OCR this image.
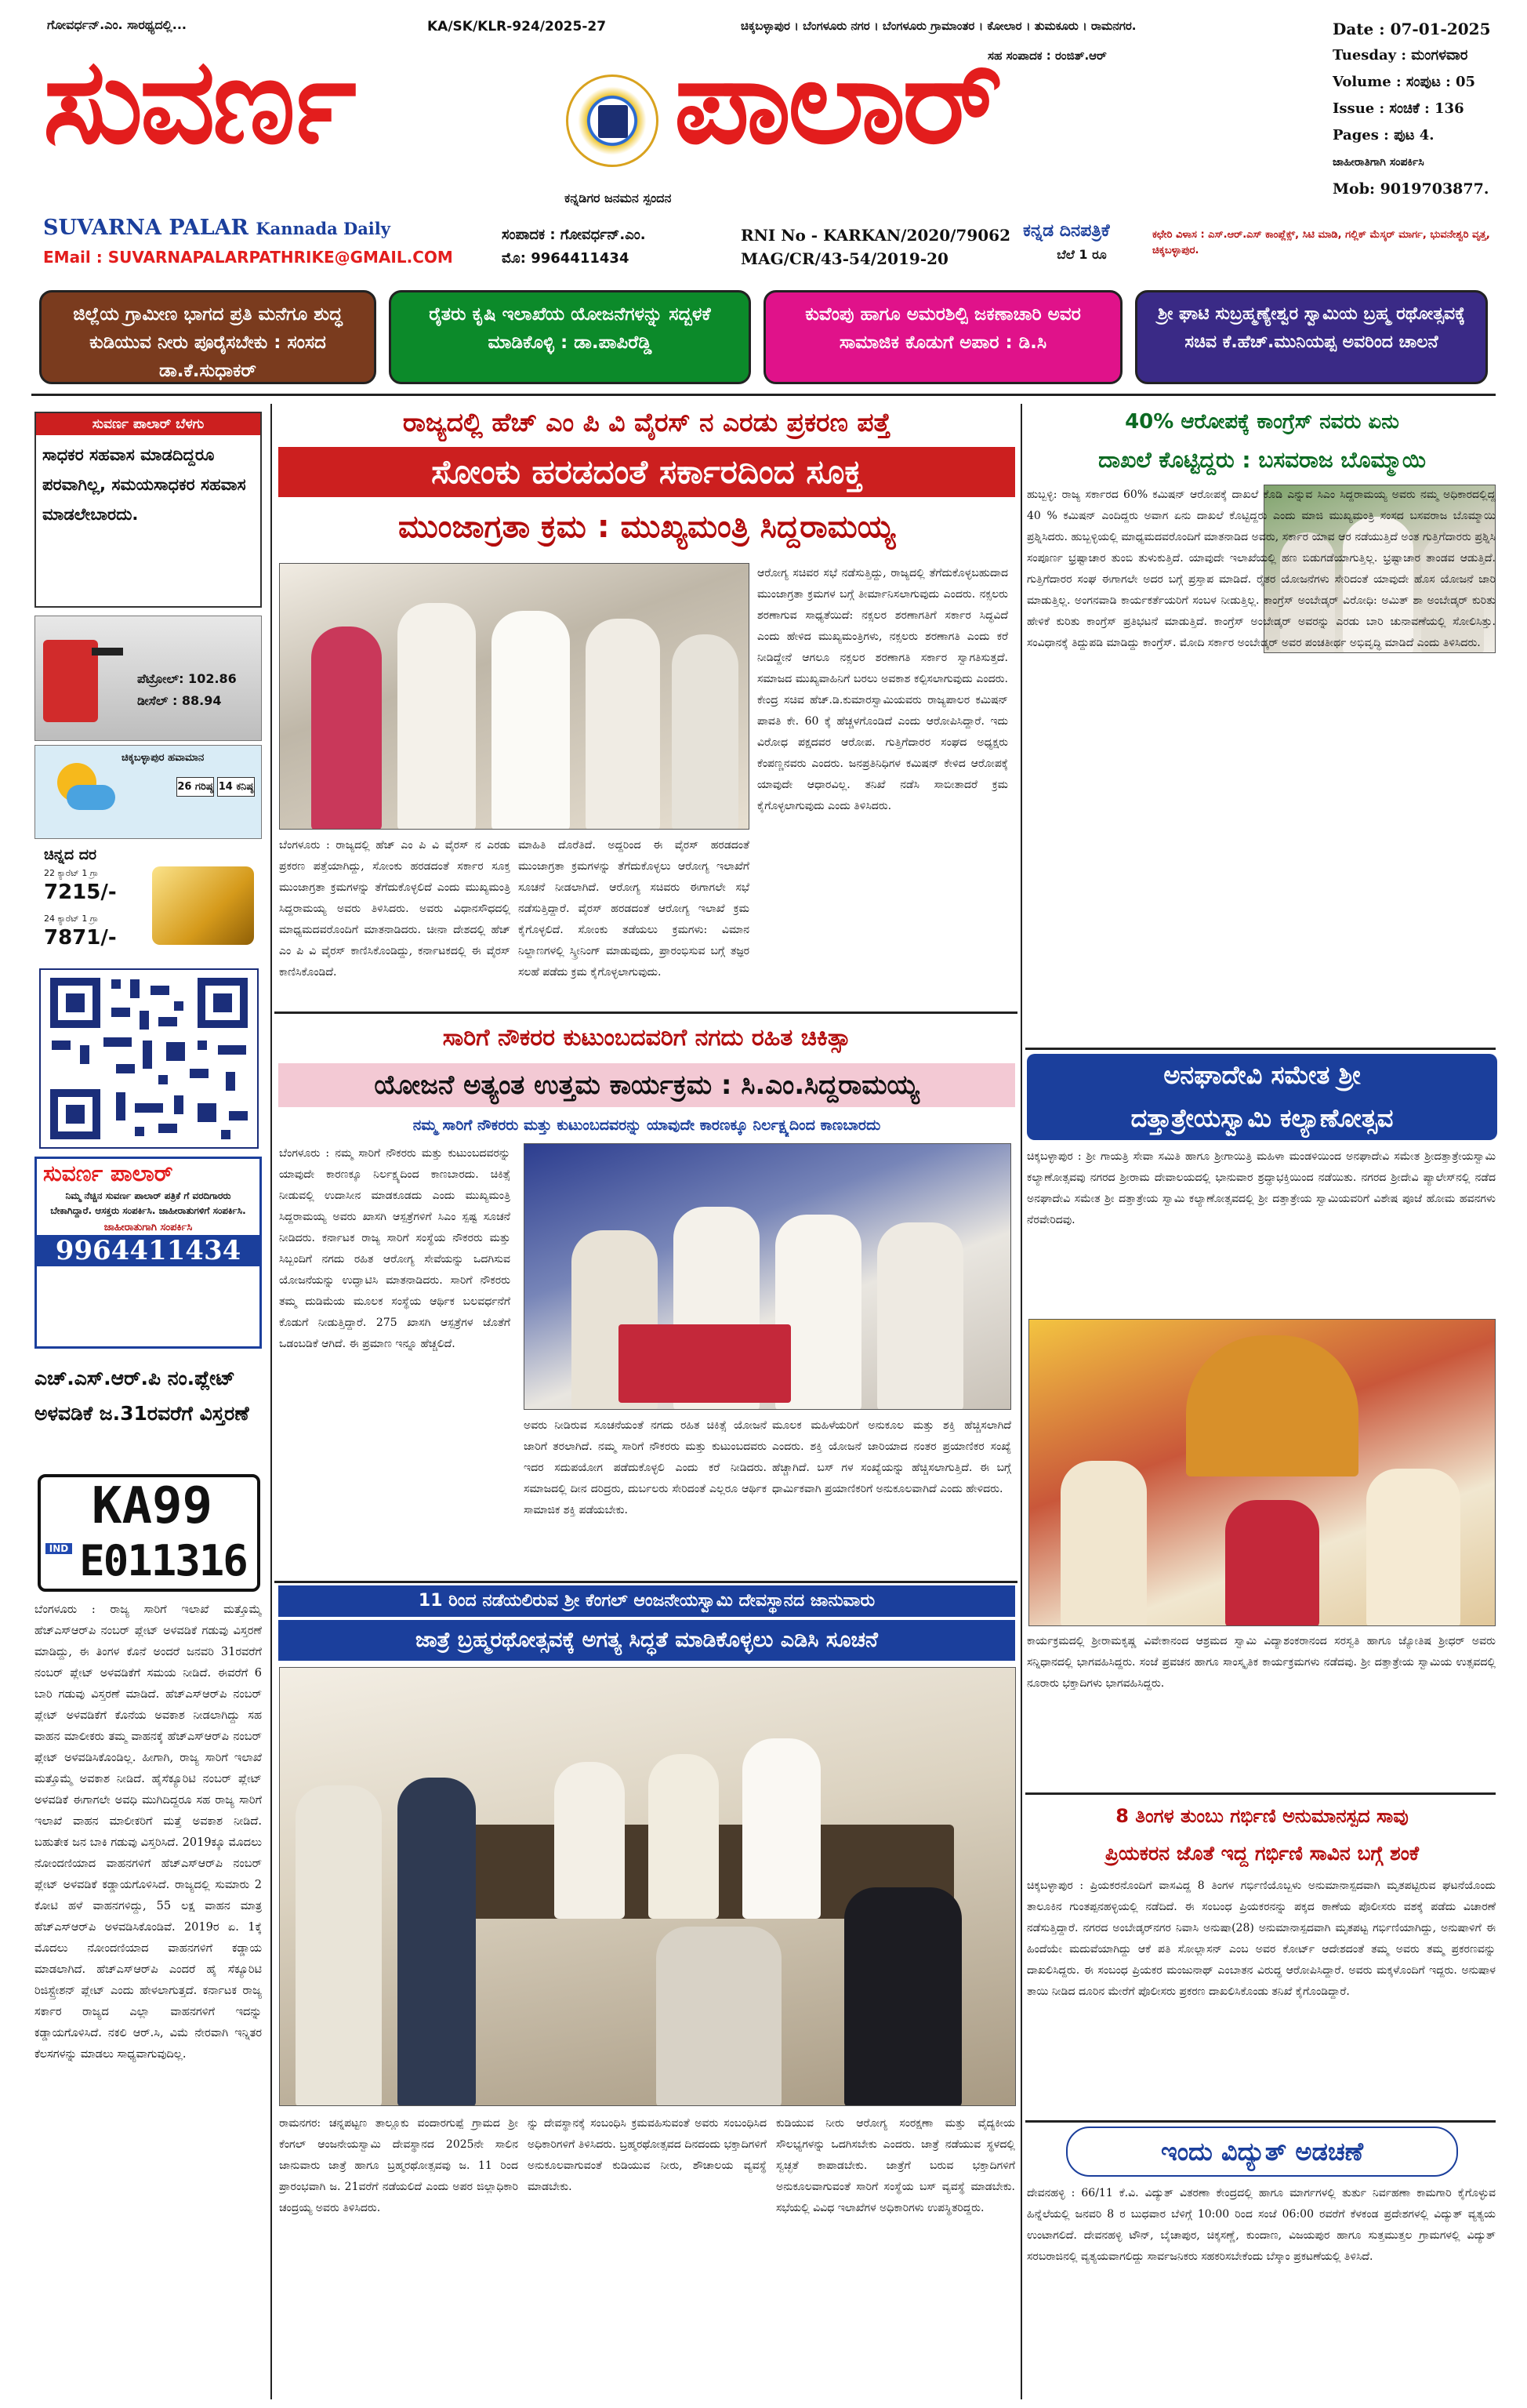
ಗೋವರ್ಧನ್.ಎಂ. ಸಾರಥ್ಯದಲ್ಲಿ...	KA/SK/KLR-924/2025-27	ಚಿಕ್ಕಬಳ್ಳಾಪುರ । ಬೆಂಗಳೂರು ನಗರ । ಬೆಂಗಳೂರು ಗ್ರಾಮಾಂತರ । ಕೋಲಾರ । ತುಮಕೂರು । ರಾಮನಗರ.
ಸಹ ಸಂಪಾದಕ : ರಂಜಿತ್.ಆರ್
ಸುವರ್ಣ	ಪಾಲಾರ್
ಕನ್ನಡಿಗರ ಜನಮನ ಸ್ಪಂದನ
Date : 07-01-2025
Tuesday : ಮಂಗಳವಾರ
Volume : ಸಂಪುಟ : 05
Issue : ಸಂಚಿಕೆ : 136
Pages : ಪುಟ 4.
ಜಾಹೀರಾತಿಗಾಗಿ ಸಂಪರ್ಕಿಸಿ
Mob: 9019703877.
SUVARNA PALAR Kannada Daily
EMail : SUVARNAPALARPATHRIKE@GMAIL.COM
ಸಂಪಾದಕ : ಗೋವರ್ಧನ್.ಎಂ.
ಮೊ: 9964411434
RNI No - KARKAN/2020/79062
MAG/CR/43-54/2019-20
ಕನ್ನಡ ದಿನಪತ್ರಿಕೆ
ಬೆಲೆ 1 ರೂ
ಕಛೇರಿ ವಿಳಾಸ : ಎಸ್.ಆರ್.ಎಸ್ ಕಾಂಪ್ಲೆಕ್ಸ್, ಸಿಟಿ ಮಾಡಿ, ಗಲ್ಲಿಕ್ ಮೆಸ್ಕರ್ ಮಾರ್ಗ, ಭುವನೇಶ್ವರಿ ವೃತ್ತ, ಚಿಕ್ಕಬಳ್ಳಾಪುರ.
ಜಿಲ್ಲೆಯ ಗ್ರಾಮೀಣ ಭಾಗದ ಪ್ರತಿ ಮನೆಗೂ ಶುದ್ಧ ಕುಡಿಯುವ ನೀರು ಪೂರೈಸಬೇಕು : ಸಂಸದ ಡಾ.ಕೆ.ಸುಧಾಕರ್
ರೈತರು ಕೃಷಿ ಇಲಾಖೆಯ ಯೋಜನೆಗಳನ್ನು ಸದ್ಬಳಕೆ ಮಾಡಿಕೊಳ್ಳಿ : ಡಾ.ಪಾಪಿರೆಡ್ಡಿ
ಕುವೆಂಪು ಹಾಗೂ ಅಮರಶಿಲ್ಪಿ ಜಕಣಾಚಾರಿ ಅವರ ಸಾಮಾಜಿಕ ಕೊಡುಗೆ ಅಪಾರ : ಡಿ.ಸಿ
ಶ್ರೀ ಘಾಟಿ ಸುಬ್ರಹ್ಮಣ್ಯೇಶ್ವರ ಸ್ವಾಮಿಯ ಬ್ರಹ್ಮ ರಥೋತ್ಸವಕ್ಕೆ ಸಚಿವ ಕೆ.ಹೆಚ್.ಮುನಿಯಪ್ಪ ಅವರಿಂದ ಚಾಲನೆ
ಸುವರ್ಣ ಪಾಲಾರ್ ಬೆಳಗು
ಸಾಧಕರ ಸಹವಾಸ ಮಾಡದಿದ್ದರೂ ಪರವಾಗಿಲ್ಲ, ಸಮಯಸಾಧಕರ ಸಹವಾಸ ಮಾಡಲೇಬಾರದು.
ಪೆಟ್ರೋಲ್: 102.86
ಡೀಸೆಲ್ : 88.94
ಚಿಕ್ಕಬಳ್ಳಾಪುರ ಹವಾಮಾನ
26 ಗರಿಷ್ಠ 14 ಕನಿಷ್ಠ
ಚಿನ್ನದ ದರ
22 ಕ್ಯಾರೆಟ್ 1 ಗ್ರಾ
7215/-
24 ಕ್ಯಾರೆಟ್ 1 ಗ್ರಾ
7871/-
ಸುವರ್ಣ ಪಾಲಾರ್
ನಿಮ್ಮ ನೆಚ್ಚಿನ ಸುವರ್ಣ ಪಾಲಾರ್ ಪತ್ರಿಕೆ ಗೆ ವರದಿಗಾರರು ಬೇಕಾಗಿದ್ದಾರೆ. ಆಸಕ್ತರು ಸಂಪರ್ಕಿಸಿ. ಜಾಹೀರಾತುಗಳಿಗೆ ಸಂಪರ್ಕಿಸಿ.
ಜಾಹೀರಾತುಗಾಗಿ ಸಂಪರ್ಕಿಸಿ
9964411434
ಎಚ್.ಎಸ್.ಆರ್.ಪಿ ನಂ.ಪ್ಲೇಟ್ ಅಳವಡಿಕೆ ಜ.31ರವರೆಗೆ ವಿಸ್ತರಣೆ
KA99
IND E011316
ಬೆಂಗಳೂರು : ರಾಜ್ಯ ಸಾರಿಗೆ ಇಲಾಖೆ ಮತ್ತೊಮ್ಮೆ ಹೆಚ್‌ಎಸ್‌ಆರ್‌ಪಿ ನಂಬರ್ ಪ್ಲೇಟ್ ಅಳವಡಿಕೆ ಗಡುವು ವಿಸ್ತರಣೆ ಮಾಡಿದ್ದು, ಈ ತಿಂಗಳ ಕೊನೆ ಅಂದರೆ ಜನವರಿ 31ರವರೆಗೆ ನಂಬರ್ ಪ್ಲೇಟ್ ಅಳವಡಿಕೆಗೆ ಸಮಯ ನೀಡಿದೆ. ಈವರೆಗೆ 6 ಬಾರಿ ಗಡುವು ವಿಸ್ತರಣೆ ಮಾಡಿದೆ. ಹೆಚ್‌ಎಸ್‌ಆರ್‌ಪಿ ನಂಬರ್ ಪ್ಲೇಟ್ ಅಳವಡಿಕೆಗೆ ಕೊನೆಯ ಅವಕಾಶ ನೀಡಲಾಗಿದ್ದು ಸಹ ವಾಹನ ಮಾಲೀಕರು ತಮ್ಮ ವಾಹನಕ್ಕೆ ಹೆಚ್‌ಎಸ್‌ಆರ್‌ಪಿ ನಂಬರ್ ಪ್ಲೇಟ್ ಅಳವಡಿಸಿಕೊಂಡಿಲ್ಲ. ಹೀಗಾಗಿ, ರಾಜ್ಯ ಸಾರಿಗೆ ಇಲಾಖೆ ಮತ್ತೊಮ್ಮೆ ಅವಕಾಶ ನೀಡಿದೆ. ಹೈಸೆಕ್ಯೂರಿಟಿ ನಂಬರ್ ಪ್ಲೇಟ್ ಅಳವಡಿಕೆ ಈಗಾಗಲೇ ಅವಧಿ ಮುಗಿದಿದ್ದರೂ ಸಹ ರಾಜ್ಯ ಸಾರಿಗೆ ಇಲಾಖೆ ವಾಹನ ಮಾಲೀಕರಿಗೆ ಮತ್ತೆ ಅವಕಾಶ ನೀಡಿದೆ. ಬಹುತೇಕ ಜನ ಬಾಕಿ ಗಡುವು ವಿಸ್ತರಿಸಿದೆ. 2019ಕ್ಕೂ ಮೊದಲು ನೋಂದಣಿಯಾದ ವಾಹನಗಳಿಗೆ ಹೆಚ್‌ಎಸ್‌ಆರ್‌ಪಿ ನಂಬರ್ ಪ್ಲೇಟ್ ಅಳವಡಿಕೆ ಕಡ್ಡಾಯಗೊಳಿಸಿದೆ. ರಾಜ್ಯದಲ್ಲಿ ಸುಮಾರು 2 ಕೋಟಿ ಹಳೆ ವಾಹನಗಳಿದ್ದು, 55 ಲಕ್ಷ ವಾಹನ ಮಾತ್ರ ಹೆಚ್‌ಎಸ್‌ಆರ್‌ಪಿ ಅಳವಡಿಸಿಕೊಂಡಿವೆ. 2019ರ ಏ. 1ಕ್ಕೆ ಮೊದಲು ನೋಂದಣಿಯಾದ ವಾಹನಗಳಿಗೆ ಕಡ್ಡಾಯ ಮಾಡಲಾಗಿದೆ. ಹೆಚ್‌ಎಸ್‌ಆರ್‌ಪಿ ಎಂದರೆ ಹೈ ಸೆಕ್ಯೂರಿಟಿ ರಿಜಿಸ್ಟ್ರೇಶನ್ ಪ್ಲೇಟ್ ಎಂದು ಹೇಳಲಾಗುತ್ತದೆ. ಕರ್ನಾಟಕ ರಾಜ್ಯ ಸರ್ಕಾರ ರಾಜ್ಯದ ಎಲ್ಲಾ ವಾಹನಗಳಿಗೆ ಇದನ್ನು ಕಡ್ಡಾಯಗೊಳಿಸಿದೆ. ನಕಲಿ ಆರ್.ಸಿ, ವಿಮೆ ನೇರವಾಗಿ ಇನ್ನಿತರ ಕೆಲಸಗಳನ್ನು ಮಾಡಲು ಸಾಧ್ಯವಾಗುವುದಿಲ್ಲ.
ರಾಜ್ಯದಲ್ಲಿ ಹೆಚ್ ಎಂ ಪಿ ವಿ ವೈರಸ್ ನ ಎರಡು ಪ್ರಕರಣ ಪತ್ತೆ
ಸೋಂಕು ಹರಡದಂತೆ ಸರ್ಕಾರದಿಂದ ಸೂಕ್ತ
ಮುಂಜಾಗ್ರತಾ ಕ್ರಮ : ಮುಖ್ಯಮಂತ್ರಿ ಸಿದ್ದರಾಮಯ್ಯ
ಆರೋಗ್ಯ ಸಚಿವರ ಸಭೆ ನಡೆಸುತ್ತಿದ್ದು, ರಾಜ್ಯದಲ್ಲಿ ತೆಗೆದುಕೊಳ್ಳಬಹುದಾದ ಮುಂಜಾಗ್ರತಾ ಕ್ರಮಗಳ ಬಗ್ಗೆ ತೀರ್ಮಾನಿಸಲಾಗುವುದು ಎಂದರು. ನಕ್ಸಲರು ಶರಣಾಗುವ ಸಾಧ್ಯತೆಯಿದೆ: ನಕ್ಸಲರ ಶರಣಾಗತಿಗೆ ಸರ್ಕಾರ ಸಿದ್ಧವಿದೆ ಎಂದು ಹೇಳಿದ ಮುಖ್ಯಮಂತ್ರಿಗಳು, ನಕ್ಸಲರು ಶರಣಾಗತಿ ಎಂದು ಕರೆ ನೀಡಿದ್ದೇನೆ ಆಗಲೂ ನಕ್ಸಲರ ಶರಣಾಗತಿ ಸರ್ಕಾರ ಸ್ವಾಗತಿಸುತ್ತದೆ. ಸಮಾಜದ ಮುಖ್ಯವಾಹಿನಿಗೆ ಬರಲು ಅವಕಾಶ ಕಲ್ಪಿಸಲಾಗುವುದು ಎಂದರು. ಕೇಂದ್ರ ಸಚಿವ ಹೆಚ್.ಡಿ.ಕುಮಾರಸ್ವಾಮಿಯವರು ರಾಜ್ಯಪಾಲರ ಕಮಿಷನ್ ಪಾವತಿ ಕೇ. 60 ಕ್ಕೆ ಹೆಚ್ಚಳಗೊಂಡಿದೆ ಎಂದು ಆರೋಪಿಸಿದ್ದಾರೆ. ಇದು ವಿರೋಧ ಪಕ್ಷದವರ ಆರೋಪ. ಗುತ್ತಿಗೆದಾರರ ಸಂಘದ ಅಧ್ಯಕ್ಷರು ಕೆಂಪಣ್ಣನವರು ಎಂದರು. ಜನಪ್ರತಿನಿಧಿಗಳ ಕಮಿಷನ್ ಕೇಳಿದ ಆರೋಪಕ್ಕೆ ಯಾವುದೇ ಆಧಾರವಿಲ್ಲ. ತನಿಖೆ ನಡೆಸಿ ಸಾಬೀತಾದರೆ ಕ್ರಮ ಕೈಗೊಳ್ಳಲಾಗುವುದು ಎಂದು ತಿಳಿಸಿದರು.
ಬೆಂಗಳೂರು : ರಾಜ್ಯದಲ್ಲಿ ಹೆಚ್ ಎಂ ಪಿ ವಿ ವೈರಸ್ ನ ಎರಡು ಪ್ರಕರಣ ಪತ್ತೆಯಾಗಿದ್ದು, ಸೋಂಕು ಹರಡದಂತೆ ಸರ್ಕಾರ ಸೂಕ್ತ ಮುಂಜಾಗ್ರತಾ ಕ್ರಮಗಳನ್ನು ತೆಗೆದುಕೊಳ್ಳಲಿದೆ ಎಂದು ಮುಖ್ಯಮಂತ್ರಿ ಸಿದ್ದರಾಮಯ್ಯ ಅವರು ತಿಳಿಸಿದರು. ಅವರು ವಿಧಾನಸೌಧದಲ್ಲಿ ಮಾಧ್ಯಮದವರೊಂದಿಗೆ ಮಾತನಾಡಿದರು. ಚೀನಾ ದೇಶದಲ್ಲಿ ಹೆಚ್ ಎಂ ಪಿ ವಿ ವೈರಸ್ ಕಾಣಿಸಿಕೊಂಡಿದ್ದು, ಕರ್ನಾಟಕದಲ್ಲಿ ಈ ವೈರಸ್ ಕಾಣಿಸಿಕೊಂಡಿದೆ.
ಮಾಹಿತಿ ದೊರೆತಿದೆ. ಅದ್ದರಿಂದ ಈ ವೈರಸ್ ಹರಡದಂತೆ ಮುಂಜಾಗ್ರತಾ ಕ್ರಮಗಳನ್ನು ತೆಗೆದುಕೊಳ್ಳಲು ಆರೋಗ್ಯ ಇಲಾಖೆಗೆ ಸೂಚನೆ ನೀಡಲಾಗಿದೆ. ಆರೋಗ್ಯ ಸಚಿವರು ಈಗಾಗಲೇ ಸಭೆ ನಡೆಸುತ್ತಿದ್ದಾರೆ. ವೈರಸ್ ಹರಡದಂತೆ ಆರೋಗ್ಯ ಇಲಾಖೆ ಕ್ರಮ ಕೈಗೊಳ್ಳಲಿದೆ. ಸೋಂಕು ತಡೆಯಲು ಕ್ರಮಗಳು: ವಿಮಾನ ನಿಲ್ದಾಣಗಳಲ್ಲಿ ಸ್ಕ್ರೀನಿಂಗ್ ಮಾಡುವುದು, ಪ್ರಾರಂಭಿಸುವ ಬಗ್ಗೆ ತಜ್ಞರ ಸಲಹೆ ಪಡೆದು ಕ್ರಮ ಕೈಗೊಳ್ಳಲಾಗುವುದು.
ಸಾರಿಗೆ ನೌಕರರ ಕುಟುಂಬದವರಿಗೆ ನಗದು ರಹಿತ ಚಿಕಿತ್ಸಾ
ಯೋಜನೆ ಅತ್ಯಂತ ಉತ್ತಮ ಕಾರ್ಯಕ್ರಮ : ಸಿ.ಎಂ.ಸಿದ್ದರಾಮಯ್ಯ
ನಮ್ಮ ಸಾರಿಗೆ ನೌಕರರು ಮತ್ತು ಕುಟುಂಬದವರನ್ನು ಯಾವುದೇ ಕಾರಣಕ್ಕೂ ನಿರ್ಲಕ್ಷ್ಯದಿಂದ ಕಾಣಬಾರದು
ಬೆಂಗಳೂರು : ನಮ್ಮ ಸಾರಿಗೆ ನೌಕರರು ಮತ್ತು ಕುಟುಂಬದವರನ್ನು ಯಾವುದೇ ಕಾರಣಕ್ಕೂ ನಿರ್ಲಕ್ಷ್ಯದಿಂದ ಕಾಣಬಾರದು. ಚಿಕಿತ್ಸೆ ನೀಡುವಲ್ಲಿ ಉದಾಸೀನ ಮಾಡಕೂಡದು ಎಂದು ಮುಖ್ಯಮಂತ್ರಿ ಸಿದ್ದರಾಮಯ್ಯ ಅವರು ಖಾಸಗಿ ಆಸ್ಪತ್ರೆಗಳಿಗೆ ಸಿಎಂ ಸ್ಪಷ್ಟ ಸೂಚನೆ ನೀಡಿದರು. ಕರ್ನಾಟಕ ರಾಜ್ಯ ಸಾರಿಗೆ ಸಂಸ್ಥೆಯ ನೌಕರರು ಮತ್ತು ಸಿಬ್ಬಂದಿಗೆ ನಗದು ರಹಿತ ಆರೋಗ್ಯ ಸೇವೆಯನ್ನು ಒದಗಿಸುವ ಯೋಜನೆಯನ್ನು ಉದ್ಘಾಟಿಸಿ ಮಾತನಾಡಿದರು. ಸಾರಿಗೆ ನೌಕರರು ತಮ್ಮ ದುಡಿಮೆಯ ಮೂಲಕ ಸಂಸ್ಥೆಯ ಆರ್ಥಿಕ ಬಲವರ್ಧನೆಗೆ ಕೊಡುಗೆ ನೀಡುತ್ತಿದ್ದಾರೆ. 275 ಖಾಸಗಿ ಆಸ್ಪತ್ರೆಗಳ ಜೊತೆಗೆ ಒಡಂಬಡಿಕೆ ಆಗಿದೆ. ಈ ಪ್ರಮಾಣ ಇನ್ನೂ ಹೆಚ್ಚಲಿದೆ.
ಅವರು ನೀಡಿರುವ ಸೂಚನೆಯಂತೆ ನಗದು ರಹಿತ ಚಿಕಿತ್ಸೆ ಯೋಜನೆ ಜಾರಿಗೆ ತರಲಾಗಿದೆ. ನಮ್ಮ ಸಾರಿಗೆ ನೌಕರರು ಮತ್ತು ಕುಟುಂಬದವರು ಇದರ ಸದುಪಯೋಗ ಪಡೆದುಕೊಳ್ಳಲಿ ಎಂದು ಕರೆ ನೀಡಿದರು. ಸಮಾಜದಲ್ಲಿ ದೀನ ದರಿದ್ರರು, ದುರ್ಬಲರು ಸೇರಿದಂತೆ ಎಲ್ಲರೂ ಆರ್ಥಿಕ ಸಾಮಾಜಿಕ ಶಕ್ತಿ ಪಡೆಯಬೇಕು.
ಮೂಲಕ ಮಹಿಳೆಯರಿಗೆ ಅನುಕೂಲ ಮತ್ತು ಶಕ್ತಿ ಹೆಚ್ಚಿಸಲಾಗಿದೆ ಎಂದರು. ಶಕ್ತಿ ಯೋಜನೆ ಜಾರಿಯಾದ ನಂತರ ಪ್ರಯಾಣಿಕರ ಸಂಖ್ಯೆ ಹೆಚ್ಚಾಗಿದೆ. ಬಸ್ ಗಳ ಸಂಖ್ಯೆಯನ್ನು ಹೆಚ್ಚಿಸಲಾಗುತ್ತಿದೆ. ಈ ಬಗ್ಗೆ ಧಾರ್ಮಿಕವಾಗಿ ಪ್ರಯಾಣಿಕರಿಗೆ ಅನುಕೂಲವಾಗಿದೆ ಎಂದು ಹೇಳಿದರು.
11 ರಿಂದ ನಡೆಯಲಿರುವ ಶ್ರೀ ಕೆಂಗಲ್ ಆಂಜನೇಯಸ್ವಾಮಿ ದೇವಸ್ಥಾನದ ಜಾನುವಾರು
ಜಾತ್ರೆ ಬ್ರಹ್ಮರಥೋತ್ಸವಕ್ಕೆ ಅಗತ್ಯ ಸಿದ್ಧತೆ ಮಾಡಿಕೊಳ್ಳಲು ಎಡಿಸಿ ಸೂಚನೆ
ರಾಮನಗರ: ಚನ್ನಪಟ್ಟಣ ತಾಲ್ಲೂಕು ವಂದಾರಗುಪ್ಪೆ ಗ್ರಾಮದ ಶ್ರೀ ಕೆಂಗಲ್ ಆಂಜನೇಯಸ್ವಾಮಿ ದೇವಸ್ಥಾನದ 2025ನೇ ಸಾಲಿನ ಜಾನುವಾರು ಜಾತ್ರೆ ಹಾಗೂ ಬ್ರಹ್ಮರಥೋತ್ಸವವು ಜ. 11 ರಿಂದ ಪ್ರಾರಂಭವಾಗಿ ಜ. 21ವರೆಗೆ ನಡೆಯಲಿದೆ ಎಂದು ಅಪರ ಜಿಲ್ಲಾಧಿಕಾರಿ ಚಂದ್ರಯ್ಯ ಅವರು ತಿಳಿಸಿದರು.
ನ್ನು ದೇವಸ್ಥಾನಕ್ಕೆ ಸಂಬಂಧಿಸಿ ಕ್ರಮವಹಿಸುವಂತೆ ಅವರು ಸಂಬಂಧಿಸಿದ ಅಧಿಕಾರಿಗಳಿಗೆ ತಿಳಿಸಿದರು. ಬ್ರಹ್ಮರಥೋತ್ಸವದ ದಿನದಂದು ಭಕ್ತಾದಿಗಳಿಗೆ ಅನುಕೂಲವಾಗುವಂತೆ ಕುಡಿಯುವ ನೀರು, ಶೌಚಾಲಯ ವ್ಯವಸ್ಥೆ ಮಾಡಬೇಕು.
ಕುಡಿಯುವ ನೀರು ಆರೋಗ್ಯ ಸಂರಕ್ಷಣಾ ಮತ್ತು ವೈದ್ಯಕೀಯ ಸೌಲಭ್ಯಗಳನ್ನು ಒದಗಿಸಬೇಕು ಎಂದರು. ಜಾತ್ರೆ ನಡೆಯುವ ಸ್ಥಳದಲ್ಲಿ ಸ್ವಚ್ಛತೆ ಕಾಪಾಡಬೇಕು. ಜಾತ್ರೆಗೆ ಬರುವ ಭಕ್ತಾದಿಗಳಿಗೆ ಅನುಕೂಲವಾಗುವಂತೆ ಸಾರಿಗೆ ಸಂಸ್ಥೆಯ ಬಸ್ ವ್ಯವಸ್ಥೆ ಮಾಡಬೇಕು. ಸಭೆಯಲ್ಲಿ ವಿವಿಧ ಇಲಾಖೆಗಳ ಅಧಿಕಾರಿಗಳು ಉಪಸ್ಥಿತರಿದ್ದರು.
40% ಆರೋಪಕ್ಕೆ ಕಾಂಗ್ರೆಸ್ ನವರು ಏನು
ದಾಖಲೆ ಕೊಟ್ಟಿದ್ದರು : ಬಸವರಾಜ ಬೊಮ್ಮಾಯಿ
ಹುಬ್ಬಳ್ಳಿ: ರಾಜ್ಯ ಸರ್ಕಾರದ 60% ಕಮಿಷನ್ ಆರೋಪಕ್ಕೆ ದಾಖಲೆ ಕೊಡಿ ಎನ್ನುವ ಸಿಎಂ ಸಿದ್ದರಾಮಯ್ಯ ಅವರು ನಮ್ಮ ಅಧಿಕಾರದಲ್ಲಿದ್ದ 40 % ಕಮಿಷನ್ ಎಂದಿದ್ದರು ಅವಾಗ ಏನು ದಾಖಲೆ ಕೊಟ್ಟಿದ್ದರು ಎಂದು ಮಾಜಿ ಮುಖ್ಯಮಂತ್ರಿ ಸಂಸದ ಬಸವರಾಜ ಬೊಮ್ಮಾಯಿ ಪ್ರಶ್ನಿಸಿದರು. ಹುಬ್ಬಳ್ಳಿಯಲ್ಲಿ ಮಾಧ್ಯಮದವರೊಂದಿಗೆ ಮಾತನಾಡಿದ ಅವರು, ಸರ್ಕಾರ ಯಾವ ಆರ ನಡೆಯುತ್ತಿದೆ ಅಂತ ಗುತ್ತಿಗೆದಾರರು ಪ್ರಶ್ನಿಸಿ ಸಂಪೂರ್ಣ ಭ್ರಷ್ಟಾಚಾರ ತುಂಬಿ ತುಳುಕುತ್ತಿದೆ. ಯಾವುದೇ ಇಲಾಖೆಯಲ್ಲಿ ಹಣ ಬಿಡುಗಡೆಯಾಗುತ್ತಿಲ್ಲ. ಭ್ರಷ್ಟಾಚಾರ ತಾಂಡವ ಆಡುತ್ತಿದೆ. ಗುತ್ತಿಗೆದಾರರ ಸಂಘ ಈಗಾಗಲೇ ಅದರ ಬಗ್ಗೆ ಪ್ರಸ್ತಾಪ ಮಾಡಿದೆ. ರೈತರ ಯೋಜನೆಗಳು ಸೇರಿದಂತೆ ಯಾವುದೇ ಹೊಸ ಯೋಜನೆ ಜಾರಿ ಮಾಡುತ್ತಿಲ್ಲ. ಅಂಗನವಾಡಿ ಕಾರ್ಯಕರ್ತೆಯರಿಗೆ ಸಂಬಳ ನೀಡುತ್ತಿಲ್ಲ. ಕಾಂಗ್ರೆಸ್ ಅಂಬೇಡ್ಕರ್ ವಿರೋಧಿ: ಅಮಿತ್ ಶಾ ಅಂಬೇಡ್ಕರ್ ಕುರಿತು ಹೇಳಿಕೆ ಕುರಿತು ಕಾಂಗ್ರೆಸ್ ಪ್ರತಿಭಟನೆ ಮಾಡುತ್ತಿದೆ. ಕಾಂಗ್ರೆಸ್ ಅಂಬೇಡ್ಕರ್ ಅವರನ್ನು ಎರಡು ಬಾರಿ ಚುನಾವಣೆಯಲ್ಲಿ ಸೋಲಿಸಿತ್ತು. ಸಂವಿಧಾನಕ್ಕೆ ತಿದ್ದುಪಡಿ ಮಾಡಿದ್ದು ಕಾಂಗ್ರೆಸ್. ಮೋದಿ ಸರ್ಕಾರ ಅಂಬೇಡ್ಕರ್ ಅವರ ಪಂಚತೀರ್ಥ ಅಭಿವೃದ್ಧಿ ಮಾಡಿದೆ ಎಂದು ತಿಳಿಸಿದರು.
ಅನಘಾದೇವಿ ಸಮೇತ ಶ್ರೀ
ದತ್ತಾತ್ರೇಯಸ್ವಾಮಿ ಕಲ್ಯಾಣೋತ್ಸವ
ಚಿಕ್ಕಬಳ್ಳಾಪುರ : ಶ್ರೀ ಗಾಯತ್ರಿ ಸೇವಾ ಸಮಿತಿ ಹಾಗೂ ಶ್ರೀಗಾಯಿತ್ರಿ ಮಹಿಳಾ ಮಂಡಳಿಯಿಂದ ಅನಘಾದೇವಿ ಸಮೇತ ಶ್ರೀದತ್ತಾತ್ರೇಯಸ್ವಾಮಿ ಕಲ್ಯಾಣೋತ್ಸವವು ನಗರದ ಶ್ರೀರಾಮ ದೇವಾಲಯದಲ್ಲಿ ಭಾನುವಾರ ಶ್ರದ್ಧಾಭಕ್ತಿಯಿಂದ ನಡೆಯಿತು. ನಗರದ ಶ್ರೀದೇವಿ ಪ್ಯಾಲೇಸ್‌ನಲ್ಲಿ ನಡೆದ ಅನಘಾದೇವಿ ಸಮೇತ ಶ್ರೀ ದತ್ತಾತ್ರೇಯ ಸ್ವಾಮಿ ಕಲ್ಯಾಣೋತ್ಸವದಲ್ಲಿ ಶ್ರೀ ದತ್ತಾತ್ರೇಯ ಸ್ವಾಮಿಯವರಿಗೆ ವಿಶೇಷ ಪೂಜೆ ಹೋಮ ಹವನಗಳು ನೆರವೇರಿದವು.
ಕಾರ್ಯಕ್ರಮದಲ್ಲಿ ಶ್ರೀರಾಮಕೃಷ್ಣ ವಿವೇಕಾನಂದ ಆಶ್ರಮದ ಸ್ವಾಮಿ ವಿದ್ಯಾಶಂಕರಾನಂದ ಸರಸ್ವತಿ ಹಾಗೂ ಜ್ಯೋತಿಷ ಶ್ರೀಧರ್ ಅವರು ಸನ್ನಿಧಾನದಲ್ಲಿ ಭಾಗವಹಿಸಿದ್ದರು. ಸಂಜೆ ಪ್ರವಚನ ಹಾಗೂ ಸಾಂಸ್ಕೃತಿಕ ಕಾರ್ಯಕ್ರಮಗಳು ನಡೆದವು. ಶ್ರೀ ದತ್ತಾತ್ರೇಯ ಸ್ವಾಮಿಯ ಉತ್ಸವದಲ್ಲಿ ನೂರಾರು ಭಕ್ತಾದಿಗಳು ಭಾಗವಹಿಸಿದ್ದರು.
8 ತಿಂಗಳ ತುಂಬು ಗರ್ಭಿಣಿ ಅನುಮಾನಸ್ಪದ ಸಾವು
ಪ್ರಿಯಕರನ ಜೊತೆ ಇದ್ದ ಗರ್ಭಿಣಿ ಸಾವಿನ ಬಗ್ಗೆ ಶಂಕೆ
ಚಿಕ್ಕಬಳ್ಳಾಪುರ : ಪ್ರಿಯಕರನೊಂದಿಗೆ ವಾಸವಿದ್ದ 8 ತಿಂಗಳ ಗರ್ಭಿಣಿಯೊಬ್ಬಳು ಅನುಮಾನಾಸ್ಪದವಾಗಿ ಮೃತಪಟ್ಟಿರುವ ಘಟನೆಯೊಂದು ತಾಲೂಕಿನ ಗುಂತಪ್ಪನಹಳ್ಳಿಯಲ್ಲಿ ನಡೆದಿದೆ. ಈ ಸಂಬಂಧ ಪ್ರಿಯಕರನನ್ನು ಪಕ್ಕದ ಠಾಣೆಯ ಪೊಲೀಸರು ವಶಕ್ಕೆ ಪಡೆದು ವಿಚಾರಣೆ ನಡೆಸುತ್ತಿದ್ದಾರೆ. ನಗರದ ಅಂಬೇಡ್ಕರ್‌ನಗರ ನಿವಾಸಿ ಅನುಷಾ(28) ಅನುಮಾನಾಸ್ಪದವಾಗಿ ಮೃತಪಟ್ಟ ಗರ್ಭಿಣಿಯಾಗಿದ್ದು, ಅನುಷಾಳಿಗೆ ಈ ಹಿಂದೆಯೇ ಮದುವೆಯಾಗಿದ್ದು ಆಕೆ ಪತಿ ಸೋಲ್ಲಾಸನ್ ಎಂಬ ಅವರ ಕೋರ್ಟ್ ಆದೇಶದಂತೆ ತಮ್ಮ ಅವರು ತಮ್ಮ ಪ್ರಕರಣವನ್ನು ದಾಖಲಿಸಿದ್ದರು. ಈ ಸಂಬಂಧ ಪ್ರಿಯಕರ ಮಂಜುನಾಥ್ ಎಂಬಾತನ ವಿರುದ್ಧ ಆರೋಪಿಸಿದ್ದಾರೆ. ಅವರು ಮಕ್ಕಳೊಂದಿಗೆ ಇದ್ದರು. ಅನುಷಾಳ ತಾಯಿ ನೀಡಿದ ದೂರಿನ ಮೇರೆಗೆ ಪೊಲೀಸರು ಪ್ರಕರಣ ದಾಖಲಿಸಿಕೊಂಡು ತನಿಖೆ ಕೈಗೊಂಡಿದ್ದಾರೆ.
ಇಂದು ವಿದ್ಯುತ್ ಅಡಚಣೆ
ದೇವನಹಳ್ಳಿ : 66/11 ಕೆ.ವಿ. ವಿದ್ಯುತ್ ವಿತರಣಾ ಕೇಂದ್ರದಲ್ಲಿ ಹಾಗೂ ಮಾರ್ಗಗಳಲ್ಲಿ ತುರ್ತು ನಿರ್ವಹಣಾ ಕಾಮಗಾರಿ ಕೈಗೊಳ್ಳುವ ಹಿನ್ನೆಲೆಯಲ್ಲಿ ಜನವರಿ 8 ರ ಬುಧವಾರ ಬೆಳಿಗ್ಗೆ 10:00 ರಿಂದ ಸಂಜೆ 06:00 ರವರೆಗೆ ಕೆಳಕಂಡ ಪ್ರದೇಶಗಳಲ್ಲಿ ವಿದ್ಯುತ್ ವ್ಯತ್ಯಯ ಉಂಟಾಗಲಿದೆ. ದೇವನಹಳ್ಳಿ ಟೌನ್, ಬೈಚಾಪುರ, ಚಿಕ್ಕಸಣ್ಣೆ, ಕುಂದಾಣ, ವಿಜಯಪುರ ಹಾಗೂ ಸುತ್ತಮುತ್ತಲ ಗ್ರಾಮಗಳಲ್ಲಿ ವಿದ್ಯುತ್ ಸರಬರಾಜಿನಲ್ಲಿ ವ್ಯತ್ಯಯವಾಗಲಿದ್ದು ಸಾರ್ವಜನಿಕರು ಸಹಕರಿಸಬೇಕೆಂದು ಬೆಸ್ಕಾಂ ಪ್ರಕಟಣೆಯಲ್ಲಿ ತಿಳಿಸಿದೆ.
